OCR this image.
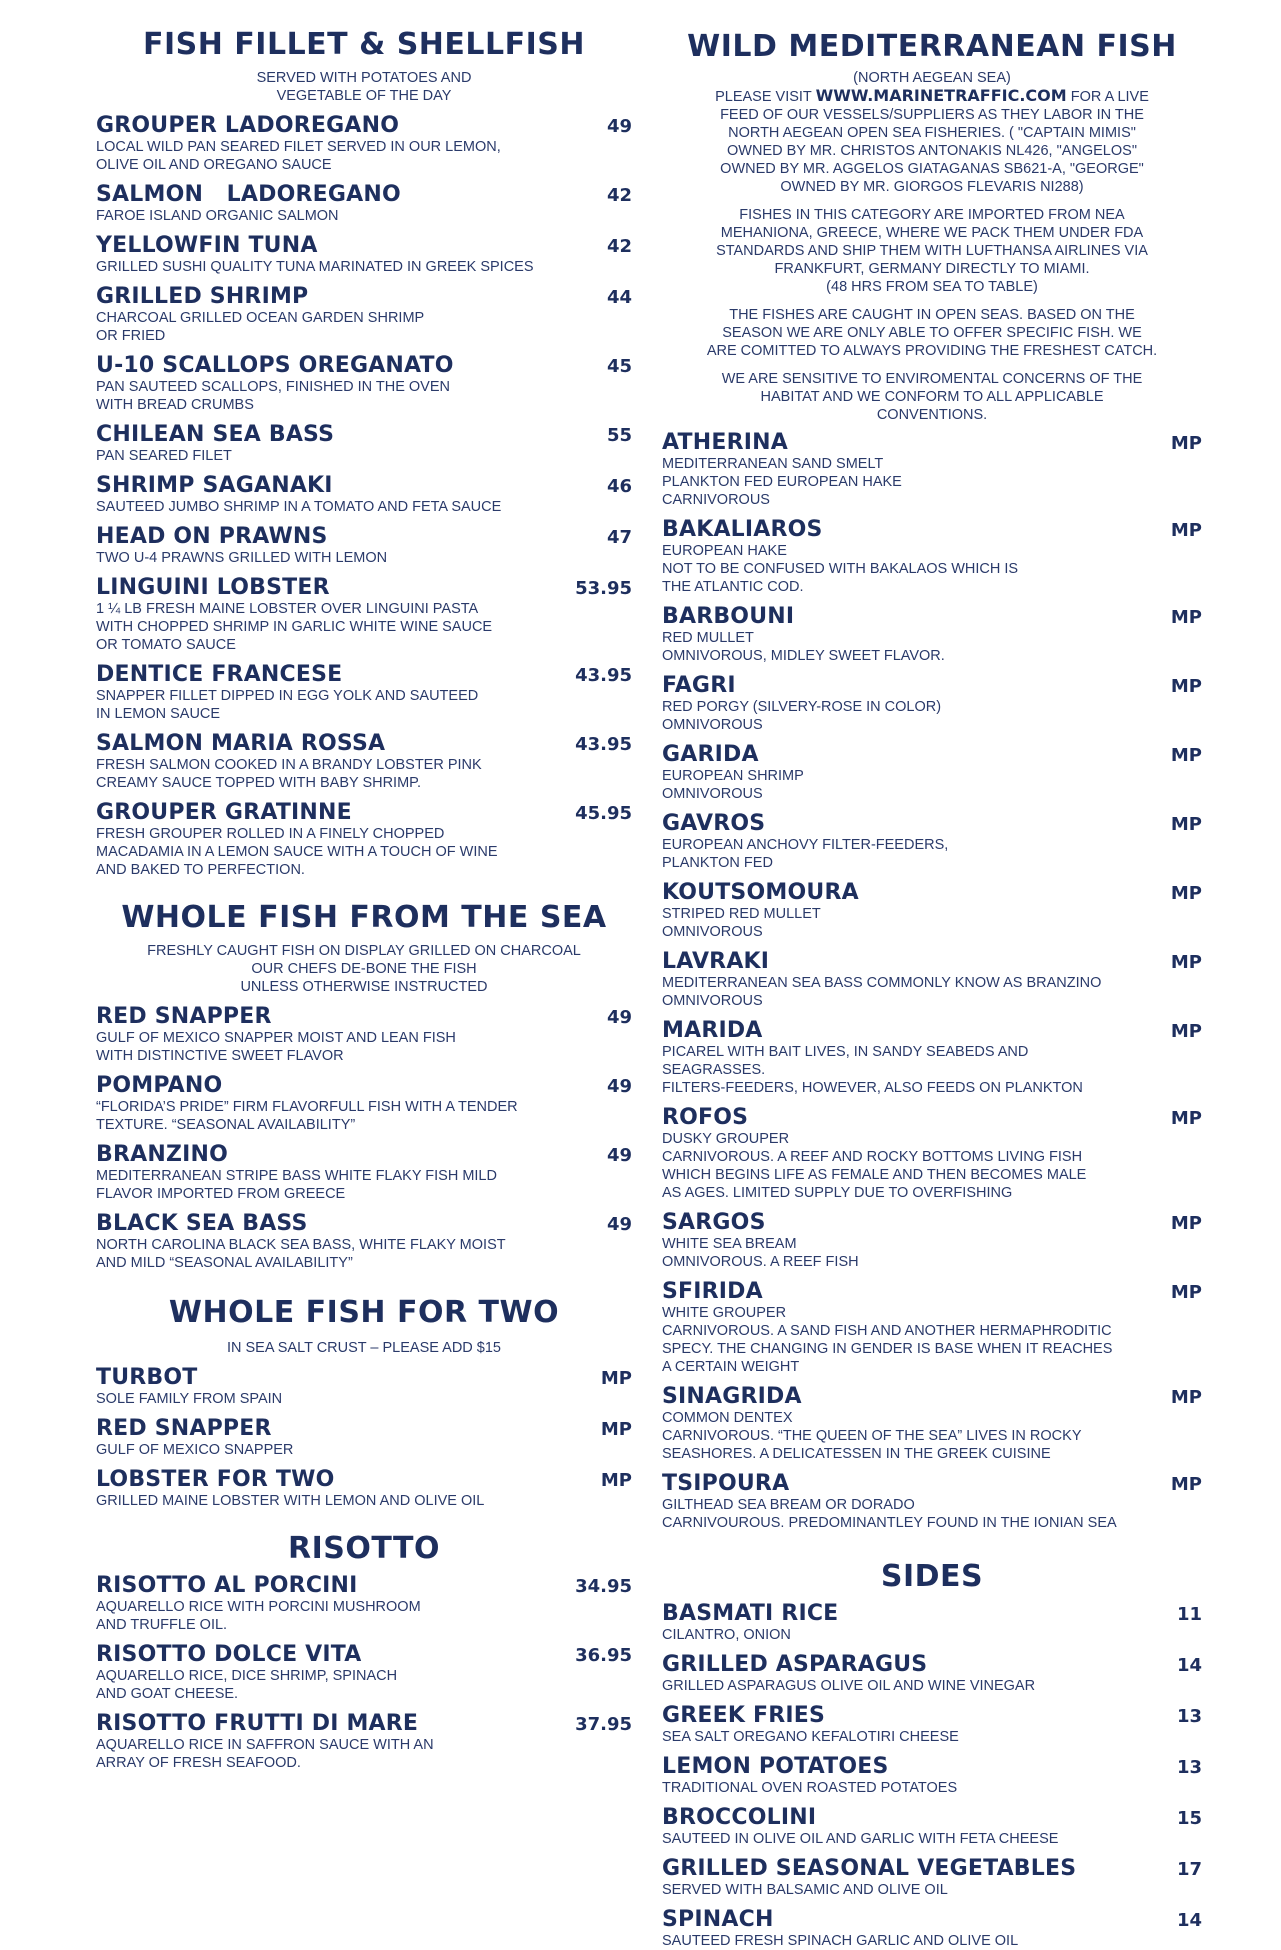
FISH FILLET & SHELLFISH
SERVED WITH POTATOES AND
VEGETABLE OF THE DAY
GROUPER LADOREGANO	49
LOCAL WILD PAN SEARED FILET SERVED IN OUR LEMON,
OLIVE OIL AND OREGANO SAUCE
SALMON   LADOREGANO	42
FAROE ISLAND ORGANIC SALMON
YELLOWFIN TUNA	42
GRILLED SUSHI QUALITY TUNA MARINATED IN GREEK SPICES
GRILLED SHRIMP	44
CHARCOAL GRILLED OCEAN GARDEN SHRIMP
OR FRIED
U-10 SCALLOPS OREGANATO	45
PAN SAUTEED SCALLOPS, FINISHED IN THE OVEN
WITH BREAD CRUMBS
CHILEAN SEA BASS	55
PAN SEARED FILET
SHRIMP SAGANAKI	46
SAUTEED JUMBO SHRIMP IN A TOMATO AND FETA SAUCE
HEAD ON PRAWNS	47
TWO U-4 PRAWNS GRILLED WITH LEMON
LINGUINI LOBSTER	53.95
1 ¼ LB FRESH MAINE LOBSTER OVER LINGUINI PASTA
WITH CHOPPED SHRIMP IN GARLIC WHITE WINE SAUCE
OR TOMATO SAUCE
DENTICE FRANCESE	43.95
SNAPPER FILLET DIPPED IN EGG YOLK AND SAUTEED
IN LEMON SAUCE
SALMON MARIA ROSSA	43.95
FRESH SALMON COOKED IN A BRANDY LOBSTER PINK
CREAMY SAUCE TOPPED WITH BABY SHRIMP.
GROUPER GRATINNE	45.95
FRESH GROUPER ROLLED IN A FINELY CHOPPED
MACADAMIA IN A LEMON SAUCE WITH A TOUCH OF WINE
AND BAKED TO PERFECTION.
WHOLE FISH FROM THE SEA
FRESHLY CAUGHT FISH ON DISPLAY GRILLED ON CHARCOAL
OUR CHEFS DE-BONE THE FISH
UNLESS OTHERWISE INSTRUCTED
RED SNAPPER	49
GULF OF MEXICO SNAPPER MOIST AND LEAN FISH
WITH DISTINCTIVE SWEET FLAVOR
POMPANO	49
“FLORIDA’S PRIDE” FIRM FLAVORFULL FISH WITH A TENDER
TEXTURE. “SEASONAL AVAILABILITY”
BRANZINO	49
MEDITERRANEAN STRIPE BASS WHITE FLAKY FISH MILD
FLAVOR IMPORTED FROM GREECE
BLACK SEA BASS	49
NORTH CAROLINA BLACK SEA BASS, WHITE FLAKY MOIST
AND MILD “SEASONAL AVAILABILITY”
WHOLE FISH FOR TWO
IN SEA SALT CRUST – PLEASE ADD $15
TURBOT	MP
SOLE FAMILY FROM SPAIN
RED SNAPPER	MP
GULF OF MEXICO SNAPPER
LOBSTER FOR TWO	MP
GRILLED MAINE LOBSTER WITH LEMON AND OLIVE OIL
RISOTTO
RISOTTO AL PORCINI	34.95
AQUARELLO RICE WITH PORCINI MUSHROOM
AND TRUFFLE OIL.
RISOTTO DOLCE VITA	36.95
AQUARELLO RICE, DICE SHRIMP, SPINACH
AND GOAT CHEESE.
RISOTTO FRUTTI DI MARE	37.95
AQUARELLO RICE IN SAFFRON SAUCE WITH AN
ARRAY OF FRESH SEAFOOD.
WILD MEDITERRANEAN FISH
(NORTH AEGEAN SEA)
PLEASE VISIT WWW.MARINETRAFFIC.COM FOR A LIVE
FEED OF OUR VESSELS/SUPPLIERS AS THEY LABOR IN THE
NORTH AEGEAN OPEN SEA FISHERIES. ( "CAPTAIN MIMIS"
OWNED BY MR. CHRISTOS ANTONAKIS NL426, "ANGELOS"
OWNED BY MR. AGGELOS GIATAGANAS SB621-A, "GEORGE"
OWNED BY MR. GIORGOS FLEVARIS NI288)
FISHES IN THIS CATEGORY ARE IMPORTED FROM NEA
MEHANIONA, GREECE, WHERE WE PACK THEM UNDER FDA
STANDARDS AND SHIP THEM WITH LUFTHANSA AIRLINES VIA
FRANKFURT, GERMANY DIRECTLY TO MIAMI.
(48 HRS FROM SEA TO TABLE)
THE FISHES ARE CAUGHT IN OPEN SEAS. BASED ON THE
SEASON WE ARE ONLY ABLE TO OFFER SPECIFIC FISH. WE
ARE COMITTED TO ALWAYS PROVIDING THE FRESHEST CATCH.
WE ARE SENSITIVE TO ENVIROMENTAL CONCERNS OF THE
HABITAT AND WE CONFORM TO ALL APPLICABLE
CONVENTIONS.
ATHERINA	MP
MEDITERRANEAN SAND SMELT
PLANKTON FED EUROPEAN HAKE
CARNIVOROUS
BAKALIAROS	MP
EUROPEAN HAKE
NOT TO BE CONFUSED WITH BAKALAOS WHICH IS
THE ATLANTIC COD.
BARBOUNI	MP
RED MULLET
OMNIVOROUS, MIDLEY SWEET FLAVOR.
FAGRI	MP
RED PORGY (SILVERY-ROSE IN COLOR)
OMNIVOROUS
GARIDA	MP
EUROPEAN SHRIMP
OMNIVOROUS
GAVROS	MP
EUROPEAN ANCHOVY FILTER-FEEDERS,
PLANKTON FED
KOUTSOMOURA	MP
STRIPED RED MULLET
OMNIVOROUS
LAVRAKI	MP
MEDITERRANEAN SEA BASS COMMONLY KNOW AS BRANZINO
OMNIVOROUS
MARIDA	MP
PICAREL WITH BAIT LIVES, IN SANDY SEABEDS AND
SEAGRASSES.
FILTERS-FEEDERS, HOWEVER, ALSO FEEDS ON PLANKTON
ROFOS	MP
DUSKY GROUPER
CARNIVOROUS. A REEF AND ROCKY BOTTOMS LIVING FISH
WHICH BEGINS LIFE AS FEMALE AND THEN BECOMES MALE
AS AGES. LIMITED SUPPLY DUE TO OVERFISHING
SARGOS	MP
WHITE SEA BREAM
OMNIVOROUS. A REEF FISH
SFIRIDA	MP
WHITE GROUPER
CARNIVOROUS. A SAND FISH AND ANOTHER HERMAPHRODITIC
SPECY. THE CHANGING IN GENDER IS BASE WHEN IT REACHES
A CERTAIN WEIGHT
SINAGRIDA	MP
COMMON DENTEX
CARNIVOROUS. “THE QUEEN OF THE SEA” LIVES IN ROCKY
SEASHORES. A DELICATESSEN IN THE GREEK CUISINE
TSIPOURA	MP
GILTHEAD SEA BREAM OR DORADO
CARNIVOUROUS. PREDOMINANTLEY FOUND IN THE IONIAN SEA
SIDES
BASMATI RICE	11
CILANTRO, ONION
GRILLED ASPARAGUS	14
GRILLED ASPARAGUS OLIVE OIL AND WINE VINEGAR
GREEK FRIES	13
SEA SALT OREGANO KEFALOTIRI CHEESE
LEMON POTATOES	13
TRADITIONAL OVEN ROASTED POTATOES
BROCCOLINI	15
SAUTEED IN OLIVE OIL AND GARLIC WITH FETA CHEESE
GRILLED SEASONAL VEGETABLES	17
SERVED WITH BALSAMIC AND OLIVE OIL
SPINACH	14
SAUTEED FRESH SPINACH GARLIC AND OLIVE OIL
